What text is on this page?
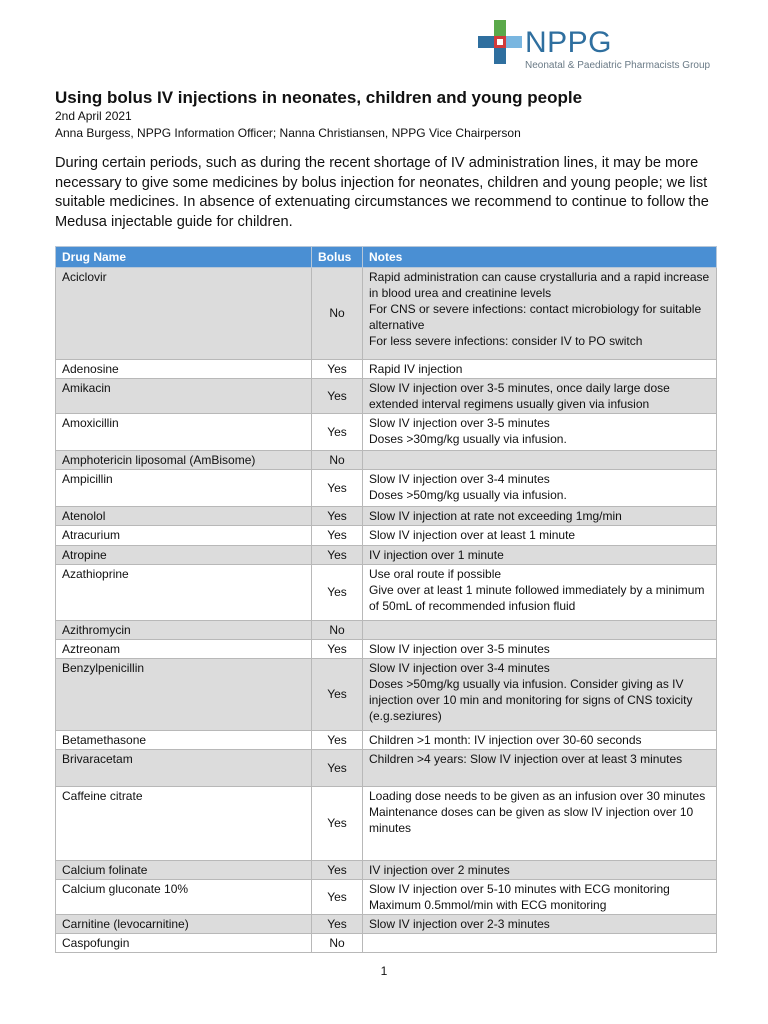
NPPG
Neonatal & Paediatric Pharmacists Group
Using bolus IV injections in neonates, children and young people
2nd April 2021
Anna Burgess, NPPG Information Officer; Nanna Christiansen, NPPG Vice Chairperson

During certain periods, such as during the recent shortage of IV administration lines, it may be more necessary to give some medicines by bolus injection for neonates, children and young people; we list suitable medicines. In absence of extenuating circumstances we recommend to continue to follow the Medusa injectable guide for children.

Drug Name	Bolus	Notes
Aciclovir	No	Rapid administration can cause crystalluria and a rapid increase in blood urea and creatinine levels
For CNS or severe infections: contact microbiology for suitable alternative
For less severe infections: consider IV to PO switch

Adenosine	Yes	Rapid IV injection

Amikacin	Yes	Slow IV injection over 3-5 minutes, once daily large dose extended interval regimens usually given via infusion

Amoxicillin	Yes	Slow IV injection over 3-5 minutes
Doses >30mg/kg usually via infusion.

Amphotericin liposomal (AmBisome)	No	
Ampicillin	Yes	Slow IV injection over 3-4 minutes
Doses >50mg/kg usually via infusion.

Atenolol	Yes	Slow IV injection at rate not exceeding 1mg/min

Atracurium	Yes	Slow IV injection over at least 1 minute

Atropine	Yes	IV injection over 1 minute

Azathioprine	Yes	Use oral route if possible
Give over at least 1 minute followed immediately by a minimum of 50mL of recommended infusion fluid

Azithromycin	No	
Aztreonam	Yes	Slow IV injection over 3-5 minutes

Benzylpenicillin	Yes	Slow IV injection over 3-4 minutes
Doses >50mg/kg usually via infusion. Consider giving as IV injection over 10 min and monitoring for signs of CNS toxicity (e.g.seziures)

Betamethasone	Yes	Children >1 month: IV injection over 30-60 seconds

Brivaracetam	Yes	Children >4 years: Slow IV injection over at least 3 minutes

Caffeine citrate	Yes	Loading dose needs to be given as an infusion over 30 minutes
Maintenance doses can be given as slow IV injection over 10 minutes

Calcium folinate	Yes	IV injection over 2 minutes

Calcium gluconate 10%	Yes	Slow IV injection over 5-10 minutes with ECG monitoring
Maximum 0.5mmol/min with ECG monitoring

Carnitine (levocarnitine)	Yes	Slow IV injection over 2-3 minutes

Caspofungin	No	
1
